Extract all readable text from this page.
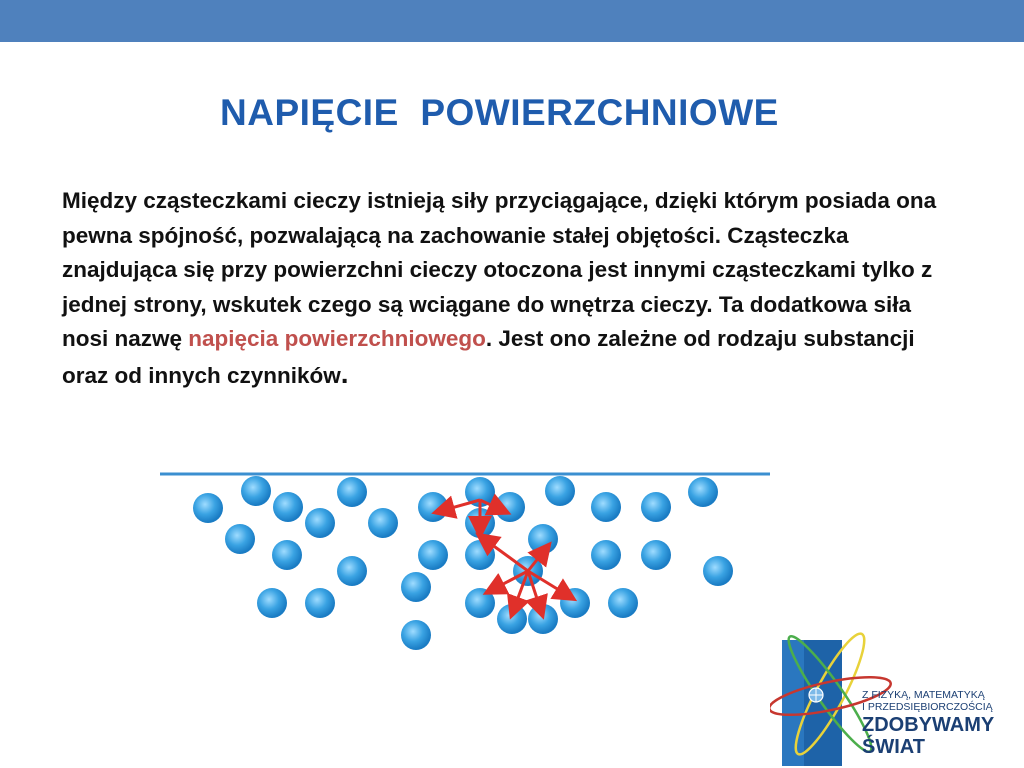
NAPIĘCIE  POWIERZCHNIOWE

Między cząsteczkami cieczy istnieją siły przyciągające, dzięki którym posiada ona pewna spójność, pozwalającą na zachowanie stałej objętości. Cząsteczka znajdująca się przy powierzchni cieczy otoczona jest innymi cząsteczkami tylko z jednej strony, wskutek czego są wciągane do wnętrza cieczy. Ta dodatkowa siła nosi nazwę napięcia powierzchniowego. Jest ono zależne od rodzaju substancji oraz od innych czynników.

Z FIZYKĄ, MATEMATYKĄ
I PRZEDSIĘBIORCZOŚCIĄ
ZDOBYWAMY
ŚWIAT
